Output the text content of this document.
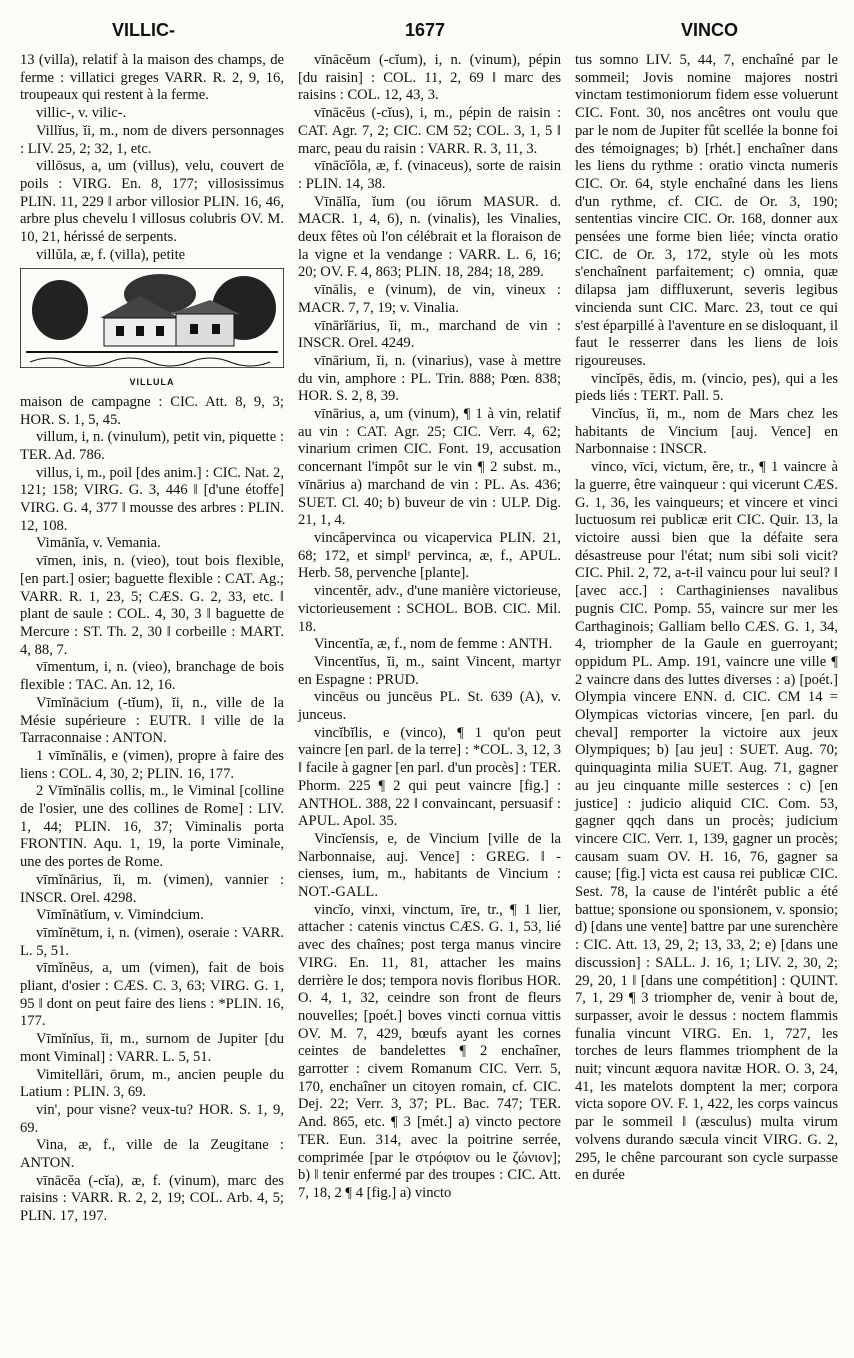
VILLIC-	1677	VINCO

13 (villa), relatif à la maison des champs, de ferme : villatici greges VARR. R. 2, 9, 16, troupeaux qui restent à la ferme.

villic-, v. vilic-.

Villĭus, ĭi, m., nom de divers personnages : LIV. 25, 2; 32, 1, etc.

villōsus, a, um (villus), velu, couvert de poils : VIRG. En. 8, 177; villosissimus PLIN. 11, 229 ‖ arbor villosior PLIN. 16, 46, arbre plus chevelu ‖ villosus colubris OV. M. 10, 21, hérissé de serpents.

villŭla, æ, f. (villa), petite

VILLULA

maison de campagne : CIC. Att. 8, 9, 3; HOR. S. 1, 5, 45.

villum, i, n. (vinulum), petit vin, piquette : TER. Ad. 786.

villus, i, m., poil [des anim.] : CIC. Nat. 2, 121; 158; VIRG. G. 3, 446 ‖ [d'une étoffe] VIRG. G. 4, 377 ‖ mousse des arbres : PLIN. 12, 108.

Vimānĭa, v. Vemania.

vīmen, inis, n. (vieo), tout bois flexible, [en part.] osier; baguette flexible : CAT. Ag.; VARR. R. 1, 23, 5; CÆS. G. 2, 33, etc. ‖ plant de saule : COL. 4, 30, 3 ‖ baguette de Mercure : ST. Th. 2, 30 ‖ corbeille : MART. 4, 88, 7.

vīmentum, i, n. (vieo), branchage de bois flexible : TAC. An. 12, 16.

Vīmĭnācium (-tĭum), ĭi, n., ville de la Mésie supérieure : EUTR. ‖ ville de la Tarraconnaise : ANTON.

1 vīmĭnālis, e (vimen), propre à faire des liens : COL. 4, 30, 2; PLIN. 16, 177.

2 Vīmĭnālis collis, m., le Viminal [colline de l'osier, une des collines de Rome] : LIV. 1, 44; PLIN. 16, 37; Viminalis porta FRONTIN. Aqu. 1, 19, la porte Viminale, une des portes de Rome.

vīmĭnārius, ĭi, m. (vimen), vannier : INSCR. Orel. 4298.

Vīmĭnātĭum, v. Vimindcium.

vīmĭnētum, i, n. (vimen), oseraie : VARR. L. 5, 51.

vīmĭnĕus, a, um (vimen), fait de bois pliant, d'osier : CÆS. C. 3, 63; VIRG. G. 1, 95 ‖ dont on peut faire des liens : *PLIN. 16, 177.

Vīmĭnĭus, ĭi, m., surnom de Jupiter [du mont Viminal] : VARR. L. 5, 51.

Vimitellāri, ōrum, m., ancien peuple du Latium : PLIN. 3, 69.

vin', pour visne? veux-tu? HOR. S. 1, 9, 69.

Vina, æ, f., ville de la Zeugitane : ANTON.

vīnācĕa (-cĭa), æ, f. (vinum), marc des raisins : VARR. R. 2, 2, 19; COL. Arb. 4, 5; PLIN. 17, 197.

vīnācĕum (-cĭum), i, n. (vinum), pépin [du raisin] : COL. 11, 2, 69 ‖ marc des raisins : COL. 12, 43, 3.

vīnācĕus (-cĭus), i, m., pépin de raisin : CAT. Agr. 7, 2; CIC. CM 52; COL. 3, 1, 5 ‖ marc, peau du raisin : VARR. R. 3, 11, 3.

vīnācĭŏla, æ, f. (vinaceus), sorte de raisin : PLIN. 14, 38.

Vīnālĭa, ĭum (ou iōrum MASUR. d. MACR. 1, 4, 6), n. (vinalis), les Vinalies, deux fêtes où l'on célébrait et la floraison de la vigne et la vendange : VARR. L. 6, 16; 20; OV. F. 4, 863; PLIN. 18, 284; 18, 289.

vīnālis, e (vinum), de vin, vineux : MACR. 7, 7, 19; v. Vinalia.

vīnārĭārius, ĭi, m., marchand de vin : INSCR. Orel. 4249.

vīnārium, ĭi, n. (vinarius), vase à mettre du vin, amphore : PL. Trin. 888; Pœn. 838; HOR. S. 2, 8, 39.

vīnārius, a, um (vinum), ¶ 1 à vin, relatif au vin : CAT. Agr. 25; CIC. Verr. 4, 62; vinarium crimen CIC. Font. 19, accusation concernant l'impôt sur le vin ¶ 2 subst. m., vīnārius a) marchand de vin : PL. As. 436; SUET. Cl. 40; b) buveur de vin : ULP. Dig. 21, 1, 4.

vincăpervinca ou vicapervica PLIN. 21, 68; 172, et simplᵗ pervinca, æ, f., APUL. Herb. 58, pervenche [plante].

vincentĕr, adv., d'une manière victorieuse, victorieusement : SCHOL. BOB. CIC. Mil. 18.

Vincentĭa, æ, f., nom de femme : ANTH.

Vincentĭus, ĭi, m., saint Vincent, martyr en Espagne : PRUD.

vincēus ou juncēus PL. St. 639 (A), v. junceus.

vincĭbĭlis, e (vinco), ¶ 1 qu'on peut vaincre [en parl. de la terre] : *COL. 3, 12, 3 ‖ facile à gagner [en parl. d'un procès] : TER. Phorm. 225 ¶ 2 qui peut vaincre [fig.] : ANTHOL. 388, 22 ‖ convaincant, persuasif : APUL. Apol. 35.

Vincĭensis, e, de Vincium [ville de la Narbonnaise, auj. Vence] : GREG. ‖ -cienses, ium, m., habitants de Vincium : NOT.-GALL.

vincĭo, vinxi, vinctum, īre, tr., ¶ 1 lier, attacher : catenis vinctus CÆS. G. 1, 53, lié avec des chaînes; post terga manus vincire VIRG. En. 11, 81, attacher les mains derrière le dos; tempora novis floribus HOR. O. 4, 1, 32, ceindre son front de fleurs nouvelles; [poét.] boves vincti cornua vittis OV. M. 7, 429, bœufs ayant les cornes ceintes de bandelettes ¶ 2 enchaîner, garrotter : civem Romanum CIC. Verr. 5, 170, enchaîner un citoyen romain, cf. CIC. Dej. 22; Verr. 3, 37; PL. Bac. 747; TER. And. 865, etc. ¶ 3 [mét.] a) vincto pectore TER. Eun. 314, avec la poitrine serrée, comprimée [par le στρόφιον ou le ζώνιον]; b) ‖ tenir enfermé par des troupes : CIC. Att. 7, 18, 2 ¶ 4 [fig.] a) vincto

tus somno LIV. 5, 44, 7, enchaîné par le sommeil; Jovis nomine majores nostri vinctam testimoniorum fidem esse voluerunt CIC. Font. 30, nos ancêtres ont voulu que par le nom de Jupiter fût scellée la bonne foi des témoignages; b) [rhét.] enchaîner dans les liens du rythme : oratio vincta numeris CIC. Or. 64, style enchaîné dans les liens d'un rythme, cf. CIC. de Or. 3, 190; sententias vincire CIC. Or. 168, donner aux pensées une forme bien liée; vincta oratio CIC. de Or. 3, 172, style où les mots s'enchaînent parfaitement; c) omnia, quæ dilapsa jam diffluxerunt, severis legibus vincienda sunt CIC. Marc. 23, tout ce qui s'est éparpillé à l'aventure en se disloquant, il faut le resserrer dans les liens de lois rigoureuses.

vincĭpēs, ĕdis, m. (vincio, pes), qui a les pieds liés : TERT. Pall. 5.

Vincĭus, ĭi, m., nom de Mars chez les habitants de Vincium [auj. Vence] en Narbonnaise : INSCR.

vinco, vīci, victum, ĕre, tr., ¶ 1 vaincre à la guerre, être vainqueur : qui vicerunt CÆS. G. 1, 36, les vainqueurs; et vincere et vinci luctuosum rei publicæ erit CIC. Quir. 13, la victoire aussi bien que la défaite sera désastreuse pour l'état; num sibi soli vicit? CIC. Phil. 2, 72, a-t-il vaincu pour lui seul? ‖ [avec acc.] : Carthaginienses navalibus pugnis CIC. Pomp. 55, vaincre sur mer les Carthaginois; Galliam bello CÆS. G. 1, 34, 4, triompher de la Gaule en guerroyant; oppidum PL. Amp. 191, vaincre une ville ¶ 2 vaincre dans des luttes diverses : a) [poét.] Olympia vincere ENN. d. CIC. CM 14 = Olympicas victorias vincere, [en parl. du cheval] remporter la victoire aux jeux Olympiques; b) [au jeu] : SUET. Aug. 70; quinquaginta milia SUET. Aug. 71, gagner au jeu cinquante mille sesterces : c) [en justice] : judicio aliquid CIC. Com. 53, gagner qqch dans un procès; judicium vincere CIC. Verr. 1, 139, gagner un procès; causam suam OV. H. 16, 76, gagner sa cause; [fig.] victa est causa rei publicæ CIC. Sest. 78, la cause de l'intérêt public a été battue; sponsione ou sponsionem, v. sponsio; d) [dans une vente] battre par une surenchère : CIC. Att. 13, 29, 2; 13, 33, 2; e) [dans une discussion] : SALL. J. 16, 1; LIV. 2, 30, 2; 29, 20, 1 ‖ [dans une compétition] : QUINT. 7, 1, 29 ¶ 3 triompher de, venir à bout de, surpasser, avoir le dessus : noctem flammis funalia vincunt VIRG. En. 1, 727, les torches de leurs flammes triomphent de la nuit; vincunt æquora navitæ HOR. O. 3, 24, 41, les matelots domptent la mer; corpora victa sopore OV. F. 1, 422, les corps vaincus par le sommeil ‖ (æsculus) multa virum volvens durando sæcula vincit VIRG. G. 2, 295, le chêne parcourant son cycle surpasse en durée
